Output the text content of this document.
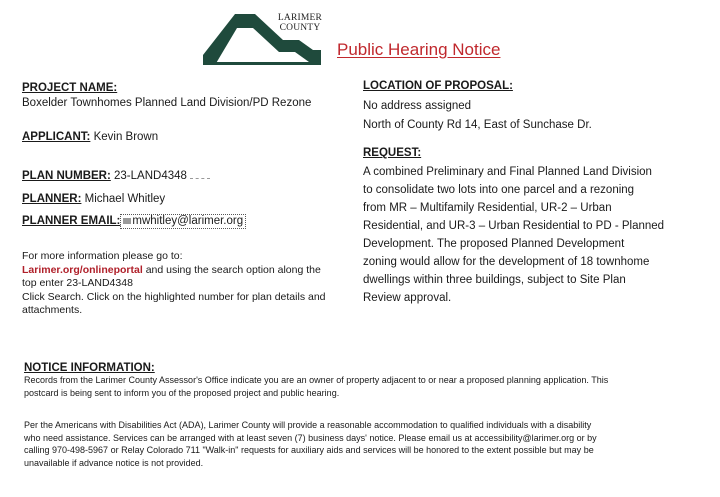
LARIMER
COUNTY
Public Hearing Notice
PROJECT NAME:
Boxelder Townhomes Planned Land Division/PD Rezone
APPLICANT: Kevin Brown
PLAN NUMBER: 23-LAND4348
PLANNER: Michael Whitley
PLANNER EMAIL: mwhitley@larimer.org
For more information please go to:
Larimer.org/onlineportal and using the search option along the
top enter 23-LAND4348
Click Search. Click on the highlighted number for plan details and
attachments.
LOCATION OF PROPOSAL:
No address assigned
North of County Rd 14, East of Sunchase Dr.
REQUEST:
A combined Preliminary and Final Planned Land Division
to consolidate two lots into one parcel and a rezoning
from MR – Multifamily Residential, UR-2 – Urban
Residential, and UR-3 – Urban Residential to PD - Planned
Development. The proposed Planned Development
zoning would allow for the development of 18 townhome
dwellings within three buildings, subject to Site Plan
Review approval.
NOTICE INFORMATION:
Records from the Larimer County Assessor's Office indicate you are an owner of property adjacent to or near a proposed planning application. This
postcard is being sent to inform you of the proposed project and public hearing.
Per the Americans with Disabilities Act (ADA), Larimer County will provide a reasonable accommodation to qualified individuals with a disability
who need assistance. Services can be arranged with at least seven (7) business days' notice. Please email us at accessibility@larimer.org or by
calling 970-498-5967 or Relay Colorado 711 "Walk-in" requests for auxiliary aids and services will be honored to the extent possible but may be
unavailable if advance notice is not provided.
